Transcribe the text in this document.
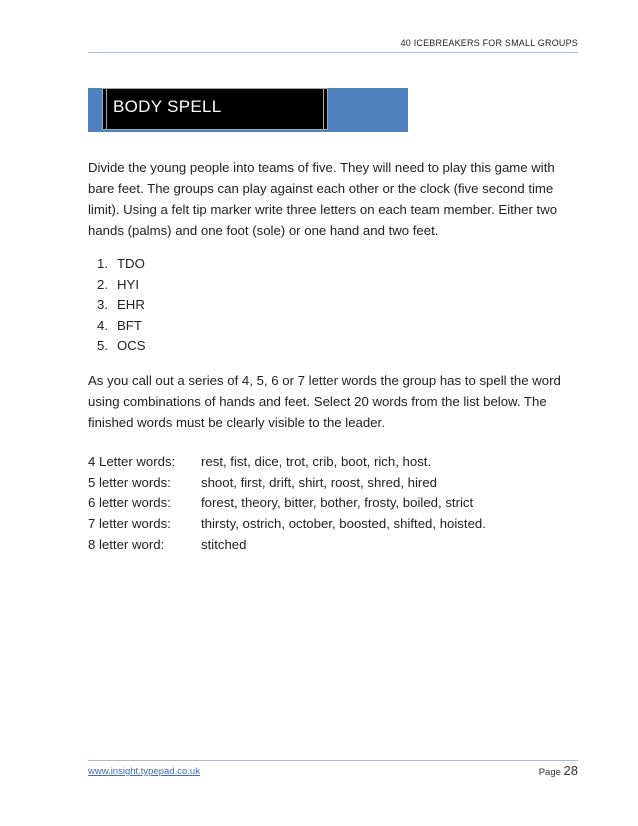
40 ICEBREAKERS FOR SMALL GROUPS
BODY SPELL

Divide the young people into teams of five. They will need to play this game with bare feet. The groups can play against each other or the clock (five second time limit). Using a felt tip marker write three letters on each team member. Either two hands (palms) and one foot (sole) or one hand and two feet.

1. TDO
2. HYI
3. EHR
4. BFT
5. OCS

As you call out a series of 4, 5, 6 or 7 letter words the group has to spell the word using combinations of hands and feet. Select 20 words from the list below. The finished words must be clearly visible to the leader.

4 Letter words: rest, fist, dice, trot, crib, boot, rich, host.
5 letter words: shoot, first, drift, shirt, roost, shred, hired
6 letter words: forest, theory, bitter, bother, frosty, boiled, strict
7 letter words: thirsty, ostrich, october, boosted, shifted, hoisted.
8 letter word:	stitched
www.insight.typepad.co.uk	Page 28
